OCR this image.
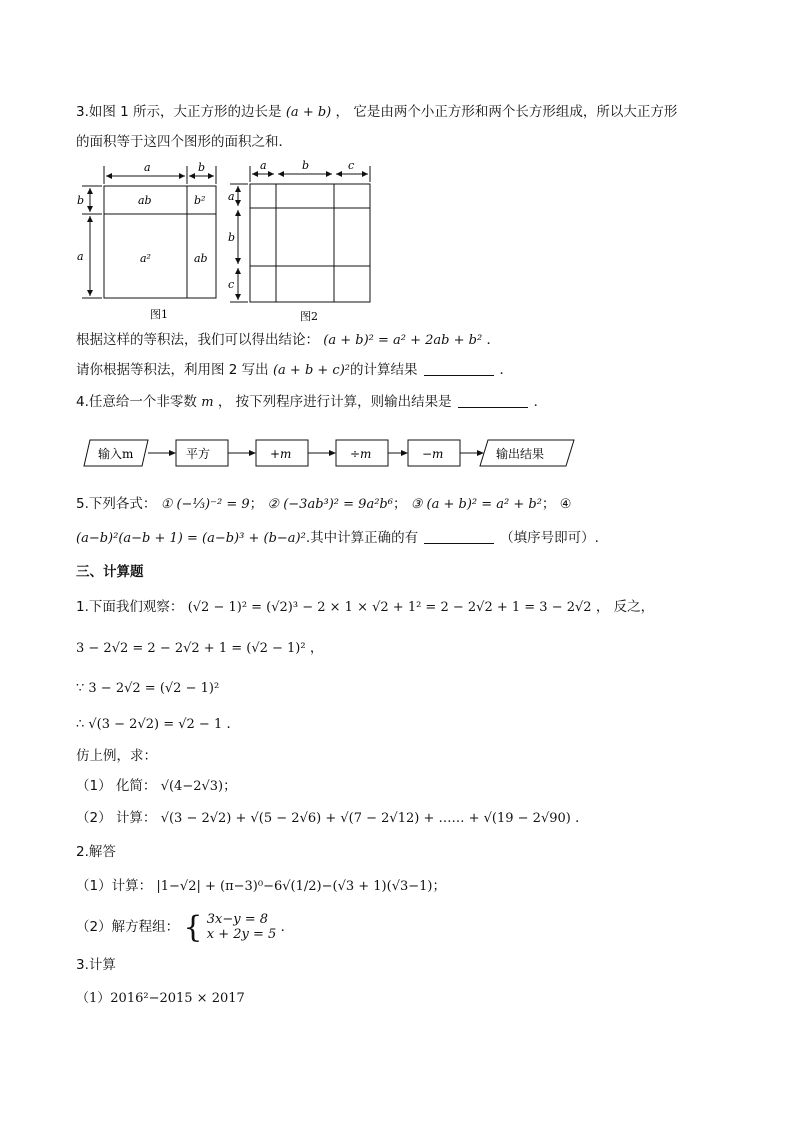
3.如图 1 所示，大正方形的边长是 (a + b) ， 它是由两个小正方形和两个长方形组成，所以大正方形
的面积等于这四个图形的面积之和．
a	b
b
a
ab	b²
a²	ab
图1
a	b	c
a
b
c
图2
根据这样的等积法，我们可以得出结论： (a + b)² = a² + 2ab + b² ．
请你根据等积法，利用图 2 写出 (a + b + c)²的计算结果	．
4.任意给一个非零数 m ， 按下列程序进行计算，则输出结果是	．
输入m	平方	+m	÷m	−m	输出结果
5.下列各式： ① (−⅓)⁻² = 9； ② (−3ab³)² = 9a²b⁶； ③ (a + b)² = a² + b²； ④
(a−b)²(a−b + 1) = (a−b)³ + (b−a)².其中计算正确的有	（填序号即可）.
三、计算题
1.下面我们观察： (√2 − 1)² = (√2)³ − 2 × 1 × √2 + 1² = 2 − 2√2 + 1 = 3 − 2√2 ， 反之，
3 − 2√2 = 2 − 2√2 + 1 = (√2 − 1)² ，
∵ 3 − 2√2 = (√2 − 1)²
∴ √(3 − 2√2) = √2 − 1 ．
仿上例，求：
（1） 化简： √(4−2√3)；
（2） 计算： √(3 − 2√2) + √(5 − 2√6) + √(7 − 2√12) + …… + √(19 − 2√90) ．
2.解答
（1）计算： |1−√2| + (π−3)⁰−6√(1/2)−(√3 + 1)(√3−1)；
（2）解方程组： { 3x−y = 8
x + 2y = 5 ．
3.计算
（1）2016²−2015 × 2017
